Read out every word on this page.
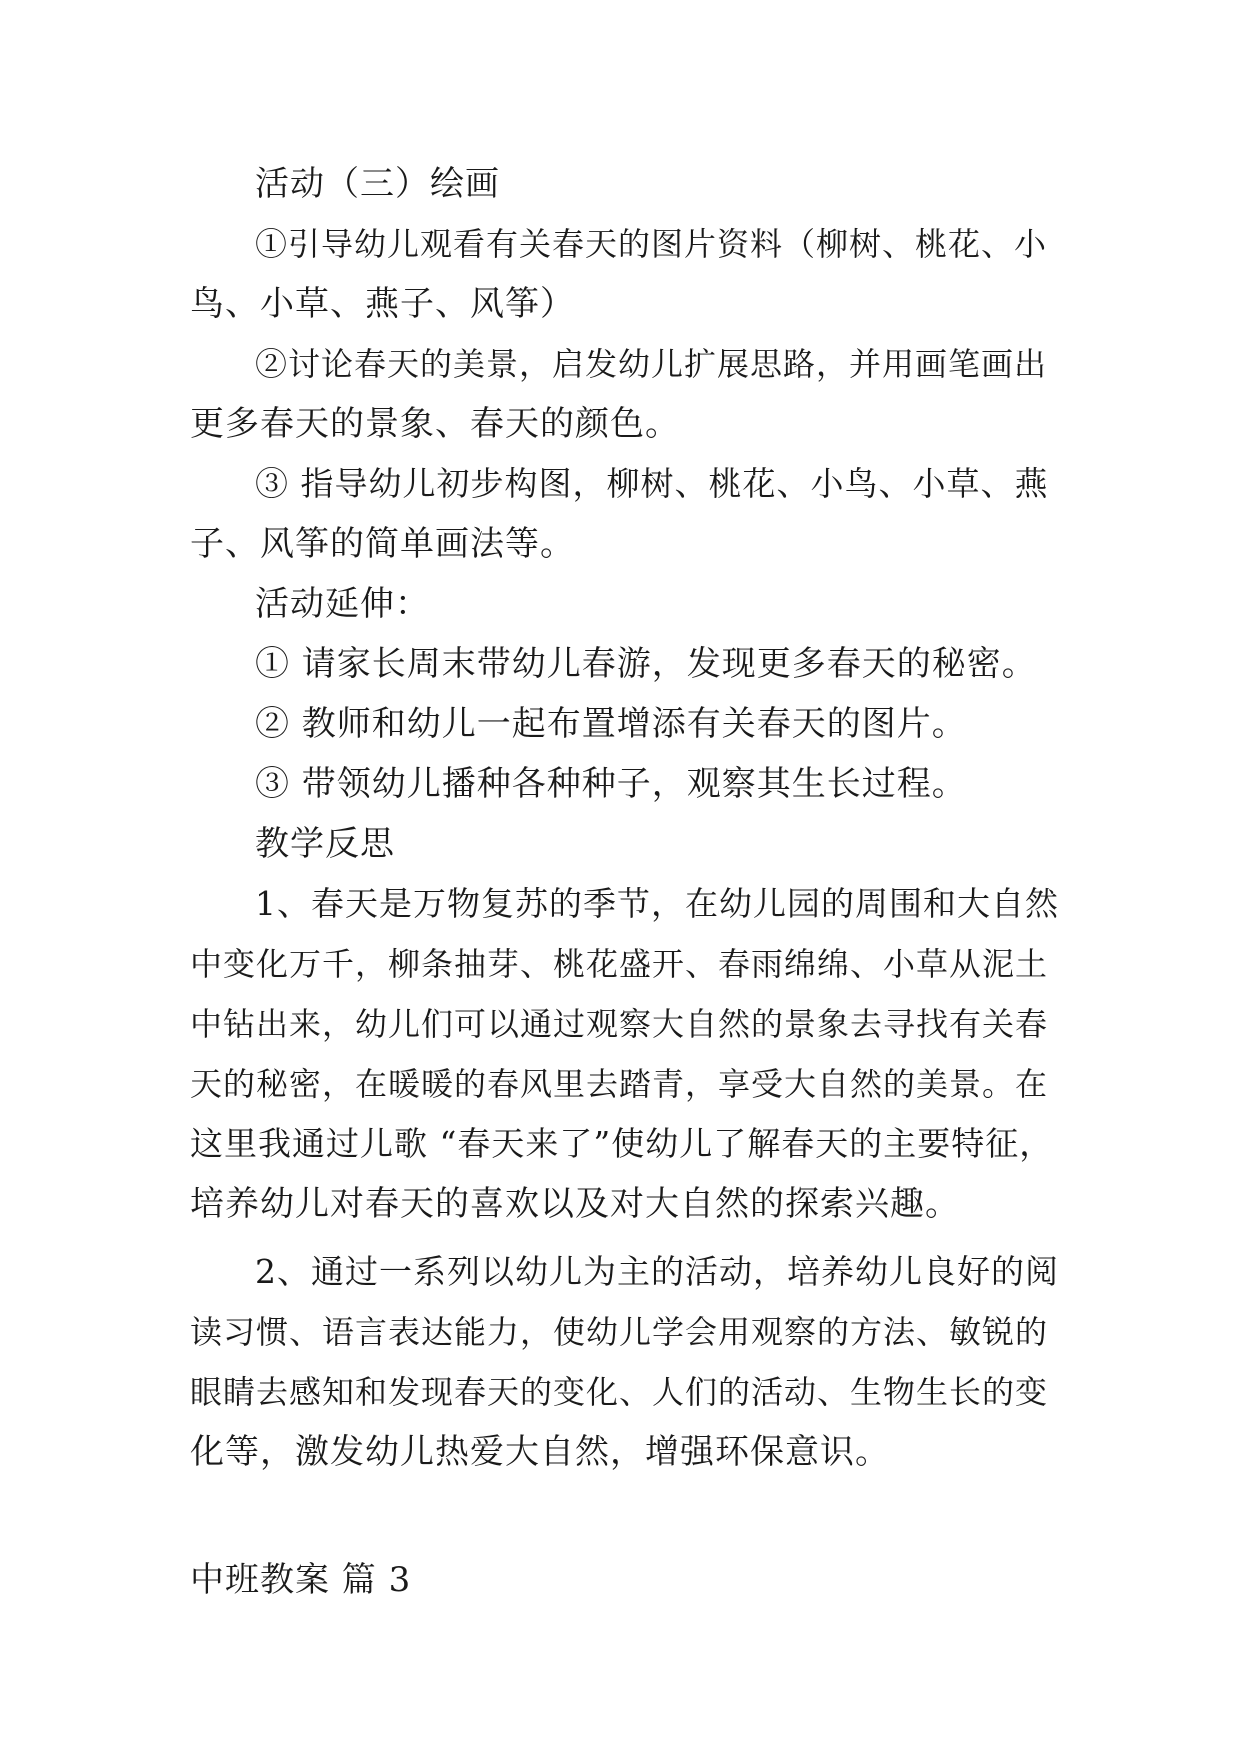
活动（三）绘画
①引导幼儿观看有关春天的图片资料（柳树、桃花、小
鸟、小草、燕子、风筝）
②讨论春天的美景，启发幼儿扩展思路，并用画笔画出
更多春天的景象、春天的颜色。
③ 指导幼儿初步构图，柳树、桃花、小鸟、小草、燕
子、风筝的简单画法等。
活动延伸：
① 请家长周末带幼儿春游，发现更多春天的秘密。
② 教师和幼儿一起布置增添有关春天的图片。
③ 带领幼儿播种各种种子，观察其生长过程。
教学反思
1、春天是万物复苏的季节，在幼儿园的周围和大自然
中变化万千，柳条抽芽、桃花盛开、春雨绵绵、小草从泥土
中钻出来，幼儿们可以通过观察大自然的景象去寻找有关春
天的秘密，在暖暖的春风里去踏青，享受大自然的美景。在
这里我通过儿歌 “春天来了”使幼儿了解春天的主要特征，
培养幼儿对春天的喜欢以及对大自然的探索兴趣。
2、通过一系列以幼儿为主的活动，培养幼儿良好的阅
读习惯、语言表达能力，使幼儿学会用观察的方法、敏锐的
眼睛去感知和发现春天的变化、人们的活动、生物生长的变
化等，激发幼儿热爱大自然，增强环保意识。
中班教案 篇 3
